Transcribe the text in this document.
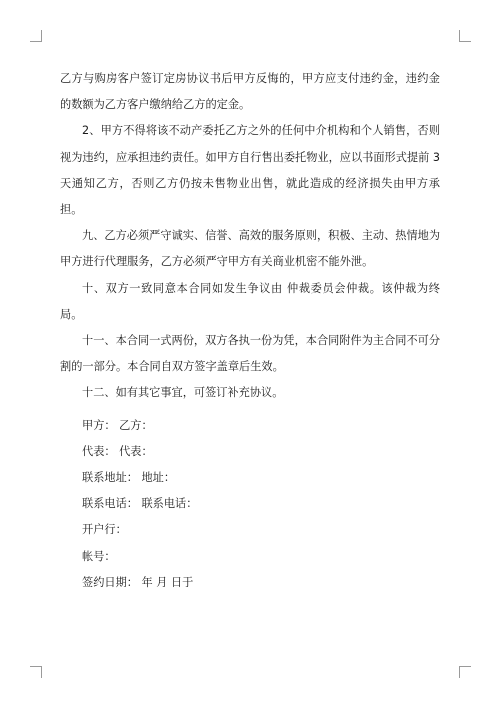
乙方与购房客户签订定房协议书后甲方反悔的，甲方应支付违约金，违约金的数额为乙方客户缴纳给乙方的定金。

2、甲方不得将该不动产委托乙方之外的任何中介机构和个人销售，否则视为违约，应承担违约责任。如甲方自行售出委托物业，应以书面形式提前 3 天通知乙方，否则乙方仍按未售物业出售，就此造成的经济损失由甲方承担。

九、乙方必须严守诚实、信誉、高效的服务原则，积极、主动、热情地为甲方进行代理服务，乙方必须严守甲方有关商业机密不能外泄。

十、双方一致同意本合同如发生争议由 仲裁委员会仲裁。该仲裁为终局。

十一、本合同一式两份，双方各执一份为凭，本合同附件为主合同不可分割的一部分。本合同自双方签字盖章后生效。

十二、如有其它事宜，可签订补充协议。

甲方： 乙方：

代表： 代表：

联系地址： 地址：

联系电话： 联系电话：

开户行：

帐号：

签约日期： 年 月 日于
